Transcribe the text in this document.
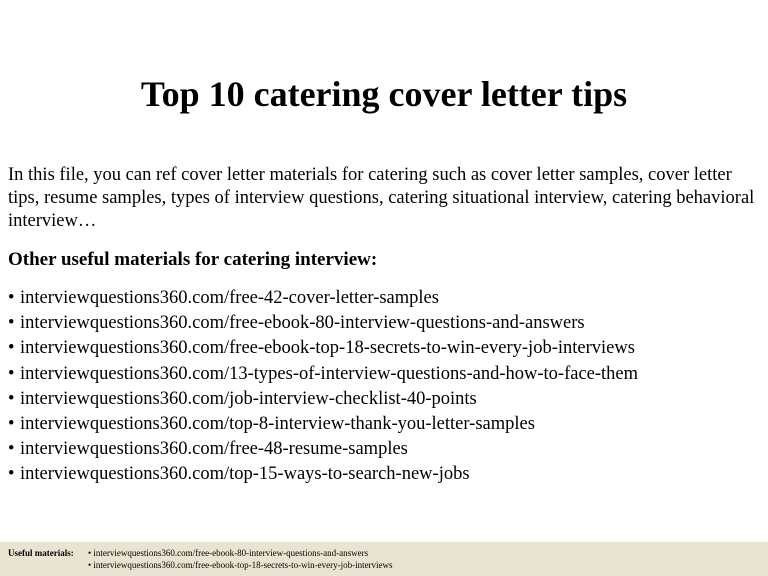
Top 10 catering cover letter tips

In this file, you can ref cover letter materials for catering such as cover letter samples, cover letter tips, resume samples, types of interview questions, catering situational interview, catering behavioral interview…

Other useful materials for catering interview:
• interviewquestions360.com/free-42-cover-letter-samples
• interviewquestions360.com/free-ebook-80-interview-questions-and-answers
• interviewquestions360.com/free-ebook-top-18-secrets-to-win-every-job-interviews
• interviewquestions360.com/13-types-of-interview-questions-and-how-to-face-them
• interviewquestions360.com/job-interview-checklist-40-points
• interviewquestions360.com/top-8-interview-thank-you-letter-samples
• interviewquestions360.com/free-48-resume-samples
• interviewquestions360.com/top-15-ways-to-search-new-jobs
Useful materials: • interviewquestions360.com/free-ebook-80-interview-questions-and-answers
• interviewquestions360.com/free-ebook-top-18-secrets-to-win-every-job-interviews
